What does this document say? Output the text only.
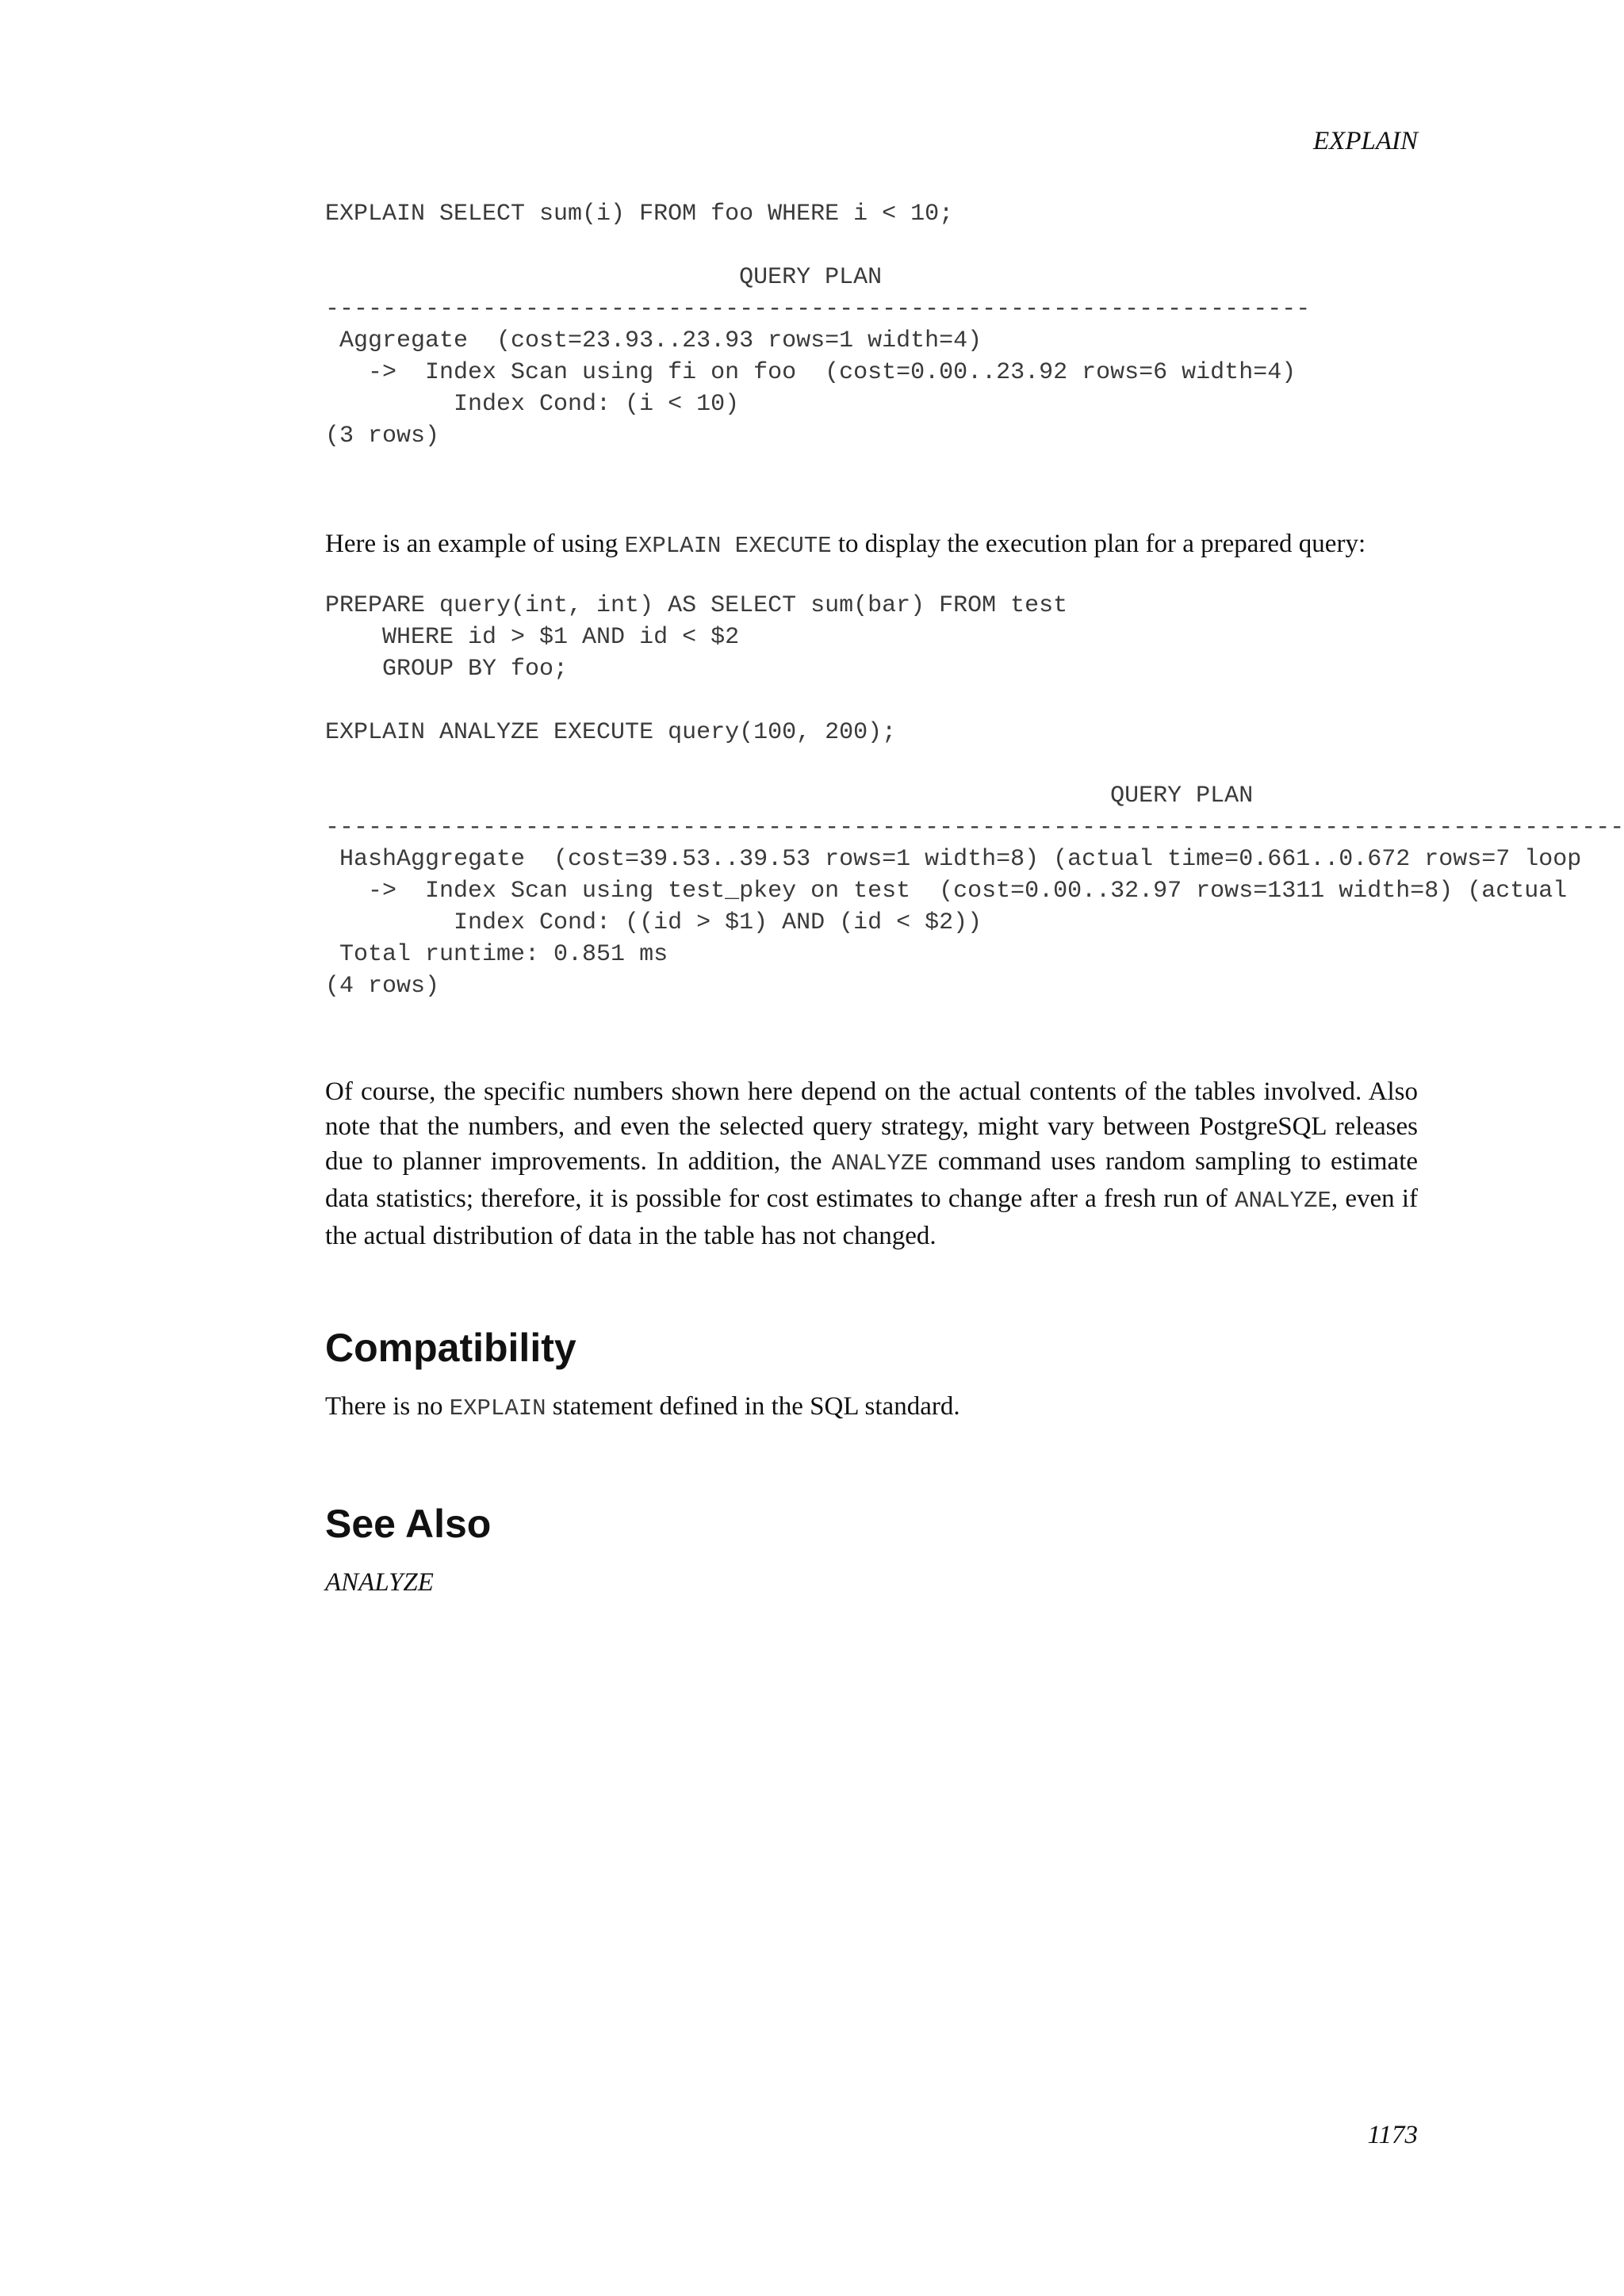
EXPLAIN
EXPLAIN SELECT sum(i) FROM foo WHERE i < 10;
QUERY PLAN
---------------------------------------------------------------------
Aggregate  (cost=23.93..23.93 rows=1 width=4)
->  Index Scan using fi on foo  (cost=0.00..23.92 rows=6 width=4)
Index Cond: (i < 10)
(3 rows)

Here is an example of using EXPLAIN EXECUTE to display the execution plan for a prepared query:

PREPARE query(int, int) AS SELECT sum(bar) FROM test
WHERE id > $1 AND id < $2
GROUP BY foo;
EXPLAIN ANALYZE EXECUTE query(100, 200);
QUERY PLAN
-------------------------------------------------------------------------------------------
HashAggregate  (cost=39.53..39.53 rows=1 width=8) (actual time=0.661..0.672 rows=7 loop
->  Index Scan using test_pkey on test  (cost=0.00..32.97 rows=1311 width=8) (actual
Index Cond: ((id > $1) AND (id < $2))
Total runtime: 0.851 ms
(4 rows)

Of course, the specific numbers shown here depend on the actual contents of the tables involved. Also note that the numbers, and even the selected query strategy, might vary between PostgreSQL releases due to planner improvements. In addition, the ANALYZE command uses random sampling to estimate data statistics; therefore, it is possible for cost estimates to change after a fresh run of ANALYZE, even if the actual distribution of data in the table has not changed.

Compatibility

There is no EXPLAIN statement defined in the SQL standard.

See Also
ANALYZE
1173
